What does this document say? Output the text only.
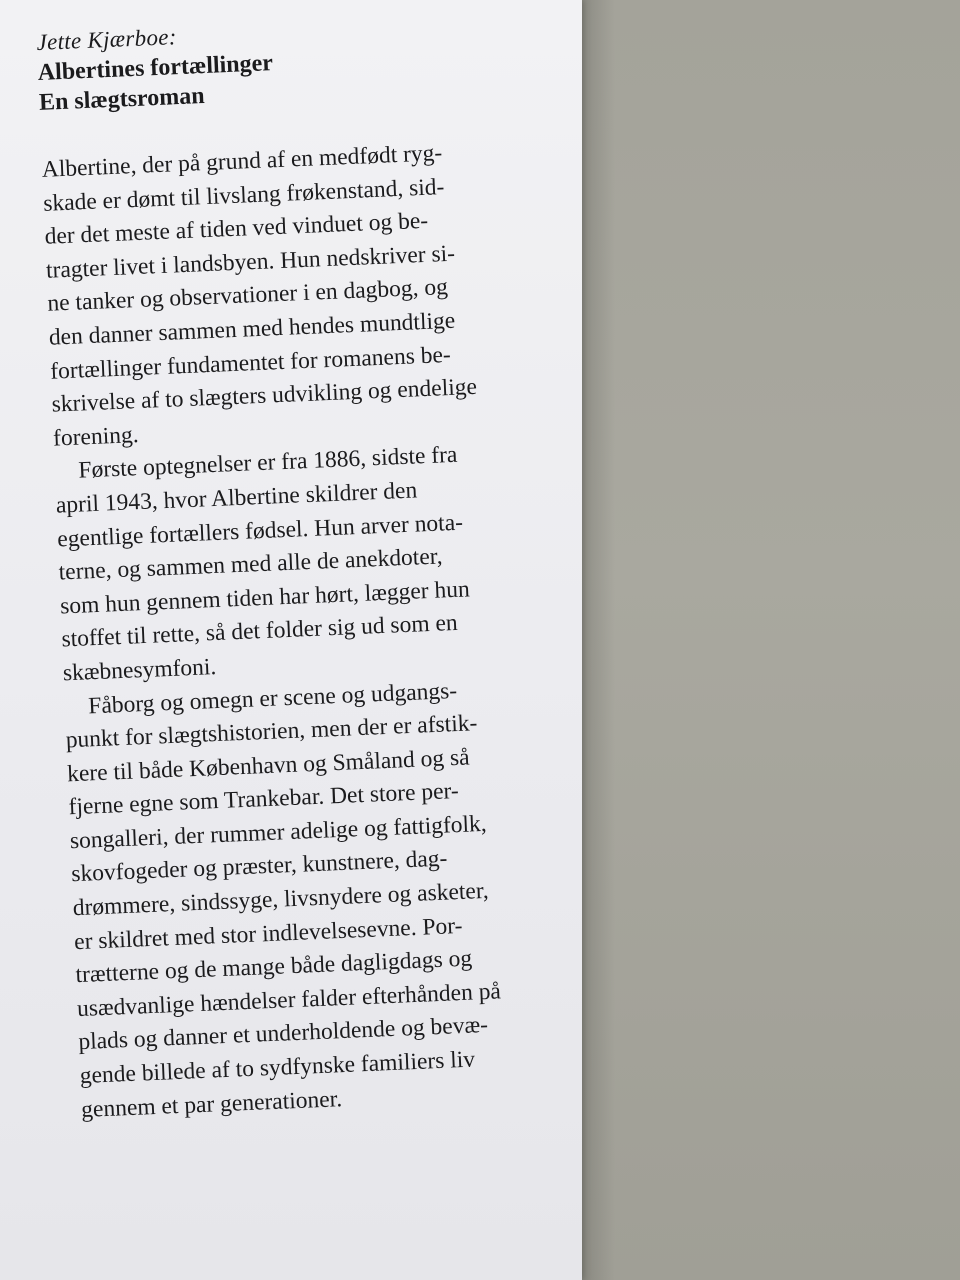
Jette Kjærboe:

Albertines fortællinger

En slægtsroman

Albertine, der på grund af en medfødt ryg-
skade er dømt til livslang frøkenstand, sid-
der det meste af tiden ved vinduet og be-
tragter livet i landsbyen. Hun nedskriver si-
ne tanker og observationer i en dagbog, og
den danner sammen med hendes mundtlige
fortællinger fundamentet for romanens be-
skrivelse af to slægters udvikling og endelige
forening.

Første optegnelser er fra 1886, sidste fra
april 1943, hvor Albertine skildrer den
egentlige fortællers fødsel. Hun arver nota-
terne, og sammen med alle de anekdoter,
som hun gennem tiden har hørt, lægger hun
stoffet til rette, så det folder sig ud som en
skæbnesymfoni.

Fåborg og omegn er scene og udgangs-
punkt for slægtshistorien, men der er afstik-
kere til både København og Småland og så
fjerne egne som Trankebar. Det store per-
songalleri, der rummer adelige og fattigfolk,
skovfogeder og præster, kunstnere, dag-
drømmere, sindssyge, livsnydere og asketer,
er skildret med stor indlevelsesevne. Por-
trætterne og de mange både dagligdags og
usædvanlige hændelser falder efterhånden på
plads og danner et underholdende og bevæ-
gende billede af to sydfynske familiers liv
gennem et par generationer.
